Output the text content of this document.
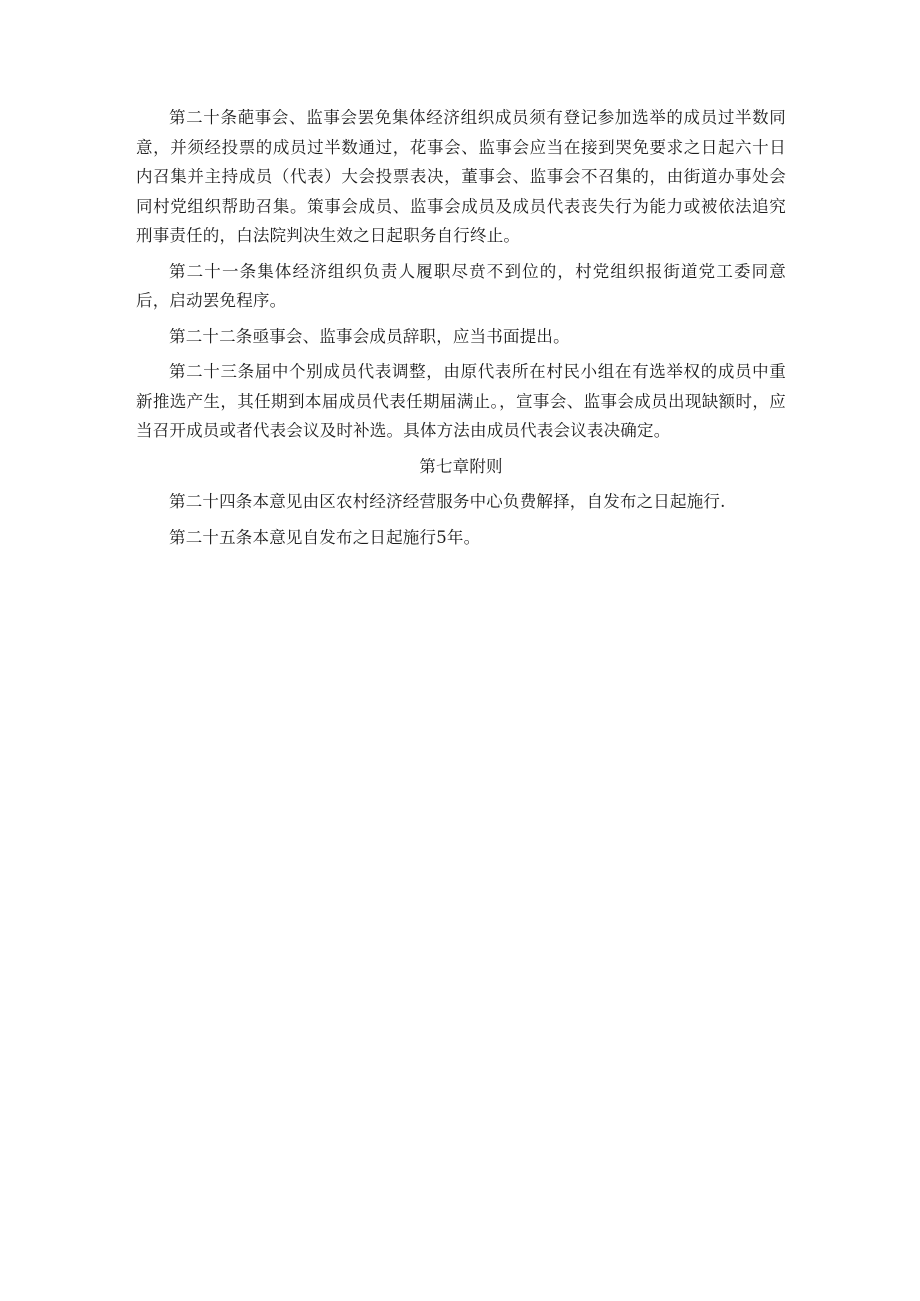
第二十条葩事会、监事会罢免集体经济组织成员须有登记参加选举的成员过半数同意，并须经投票的成员过半数通过，花事会、监事会应当在接到哭免要求之日起六十日内召集并主持成员（代表）大会投票表决，董事会、监事会不召集的，由街道办事处会同村党组织帮助召集。策事会成员、监事会成员及成员代表丧失行为能力或被依法追究刑事责任的，白法院判决生效之日起职务自行终止。

第二十一条集体经济组织负责人履职尽贲不到位的，村党组织报街道党工委同意后，启动罢免程序。

第二十二条亟事会、监事会成员辞职，应当书面提出。

第二十三条届中个别成员代表调整，由原代表所在村民小组在有选举权的成员中重新推选产生，其任期到本届成员代表任期届满止。，宣事会、监事会成员出现缺额时，应当召开成员或者代表会议及时补选。具体方法由成员代表会议表决确定。

第七章附则

第二十四条本意见由区农村经济经营服务中心负费解择，自发布之日起施行.

第二十五条本意见自发布之日起施行5年。
